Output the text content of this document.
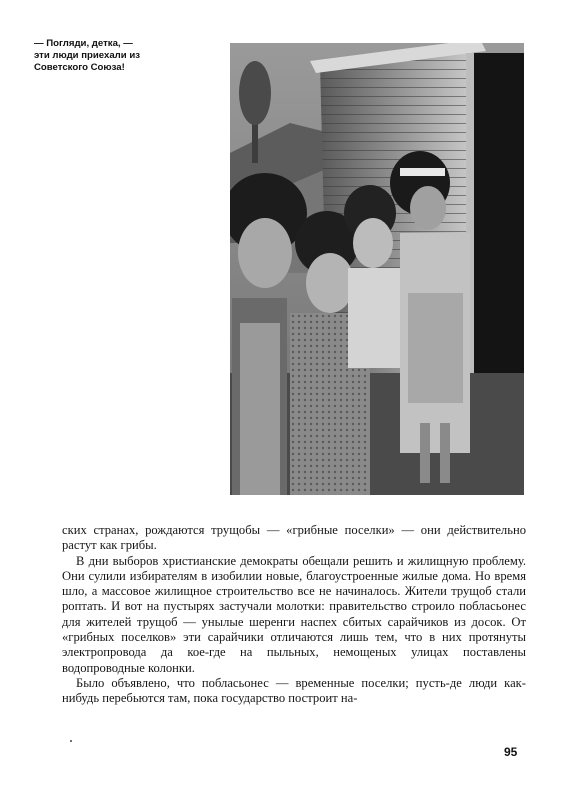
— Погляди, детка, —
эти люди приехали из
Советского Союза!

ских странах, рождаются трущобы — «грибные поселки» — они действительно растут как грибы.

В дни выборов христианские демократы обещали решить и жилищную проблему. Они сулили избирателям в изобилии новые, благоустроенные жилые дома. Но время шло, а массовое жилищное строительство все не начиналось. Жители трущоб стали роптать. И вот на пустырях застучали молотки: правительство строило побласьонес для жителей трущоб — унылые шеренги наспех сбитых сарайчиков из досок. От «грибных поселков» эти сарайчики отличаются лишь тем, что в них протянуты электропровода да кое-где на пыльных, немощеных улицах поставлены водопроводные колонки.

Было объявлено, что побласьонес — временные поселки; пусть-де люди как-нибудь перебьются там, пока государство построит на-

95
